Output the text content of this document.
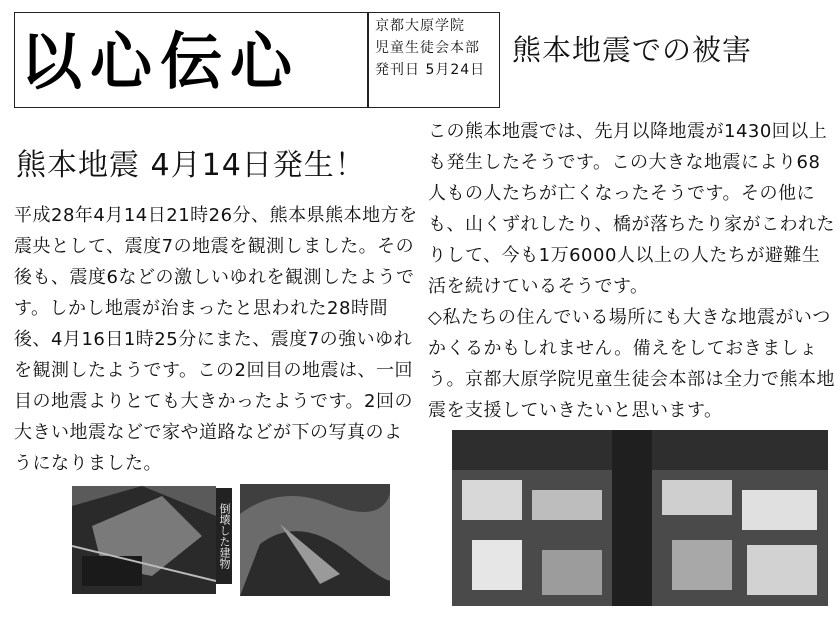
以心伝心	京都大原学院
児童生徒会本部
発刊日 5月24日
熊本地震での被害
熊本地震 4月14日発生！
平成28年4月14日21時26分、熊本県熊本地方を震央として、震度7の地震を観測しました。その後も、震度6などの激しいゆれを観測したようです。しかし地震が治まったと思われた28時間後、4月16日1時25分にまた、震度7の強いゆれを観測したようです。この2回目の地震は、一回目の地震よりとても大きかったようです。2回の大きい地震などで家や道路などが下の写真のようになりました。
この熊本地震では、先月以降地震が1430回以上も発生したそうです。この大きな地震により68人もの人たちが亡くなったそうです。その他にも、山くずれしたり、橋が落ちたり家がこわれたりして、今も1万6000人以上の人たちが避難生活を続けているそうです。
◇私たちの住んでいる場所にも大きな地震がいつかくるかもしれません。備えをしておきましょう。京都大原学院児童生徒会本部は全力で熊本地震を支援していきたいと思います。
倒壊した建物
